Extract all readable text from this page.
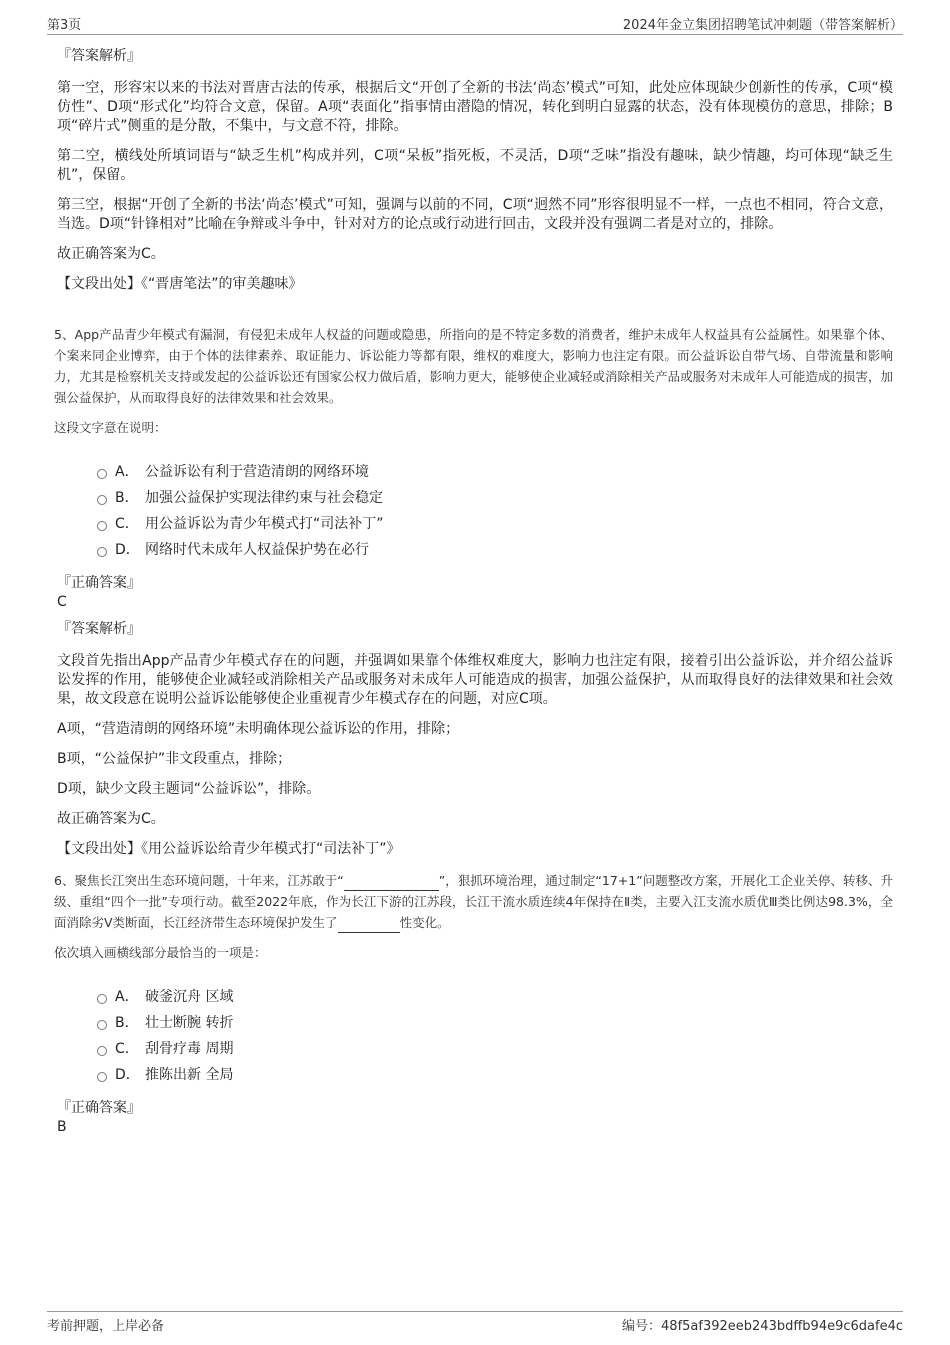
第3页	2024年金立集团招聘笔试冲刺题（带答案解析）
『答案解析』

第一空，形容宋以来的书法对晋唐古法的传承，根据后文“开创了全新的书法‘尚态’模式”可知，此处应体现缺少创新性的传承，C项“模仿性”、D项“形式化”均符合文意，保留。A项“表面化”指事情由潜隐的情况，转化到明白显露的状态，没有体现模仿的意思，排除；B项“碎片式”侧重的是分散，不集中，与文意不符，排除。

第二空，横线处所填词语与“缺乏生机”构成并列，C项“呆板”指死板，不灵活，D项“乏味”指没有趣味，缺少情趣，均可体现“缺乏生机”，保留。

第三空，根据“开创了全新的书法‘尚态’模式”可知，强调与以前的不同，C项“迥然不同”形容很明显不一样，一点也不相同，符合文意，当选。D项“针锋相对”比喻在争辩或斗争中，针对对方的论点或行动进行回击，文段并没有强调二者是对立的，排除。

故正确答案为C。

【文段出处】《“晋唐笔法”的审美趣味》

5、App产品青少年模式有漏洞，有侵犯未成年人权益的问题或隐患，所指向的是不特定多数的消费者，维护未成年人权益具有公益属性。如果靠个体、个案来同企业博弈，由于个体的法律素养、取证能力、诉讼能力等都有限，维权的难度大，影响力也注定有限。而公益诉讼自带气场、自带流量和影响力，尤其是检察机关支持或发起的公益诉讼还有国家公权力做后盾，影响力更大，能够使企业减轻或消除相关产品或服务对未成年人可能造成的损害，加强公益保护，从而取得良好的法律效果和社会效果。

这段文字意在说明：

A． 公益诉讼有利于营造清朗的网络环境
B． 加强公益保护实现法律约束与社会稳定
C． 用公益诉讼为青少年模式打“司法补丁”
D． 网络时代未成年人权益保护势在必行
『正确答案』
C
『答案解析』

文段首先指出App产品青少年模式存在的问题，并强调如果靠个体维权难度大，影响力也注定有限，接着引出公益诉讼，并介绍公益诉讼发挥的作用，能够使企业减轻或消除相关产品或服务对未成年人可能造成的损害，加强公益保护，从而取得良好的法律效果和社会效果，故文段意在说明公益诉讼能够使企业重视青少年模式存在的问题，对应C项。

A项，“营造清朗的网络环境”未明确体现公益诉讼的作用，排除；

B项，“公益保护”非文段重点，排除；

D项，缺少文段主题词“公益诉讼”，排除。

故正确答案为C。

【文段出处】《用公益诉讼给青少年模式打“司法补丁”》

6、聚焦长江突出生态环境问题，十年来，江苏敢于“	”，狠抓环境治理，通过制定“17+1”问题整改方案，开展化工企业关停、转移、升级、重组“四个一批”专项行动。截至2022年底，作为长江下游的江苏段，长江干流水质连续4年保持在Ⅱ类，主要入江支流水质优Ⅲ类比例达98.3%，全面消除劣Ⅴ类断面，长江经济带生态环境保护发生了	性变化。

依次填入画横线部分最恰当的一项是：

A． 破釜沉舟 区域
B． 壮士断腕 转折
C． 刮骨疗毒 周期
D． 推陈出新 全局
『正确答案』
B
考前押题，上岸必备	编号：48f5af392eeb243bdffb94e9c6dafe4c
